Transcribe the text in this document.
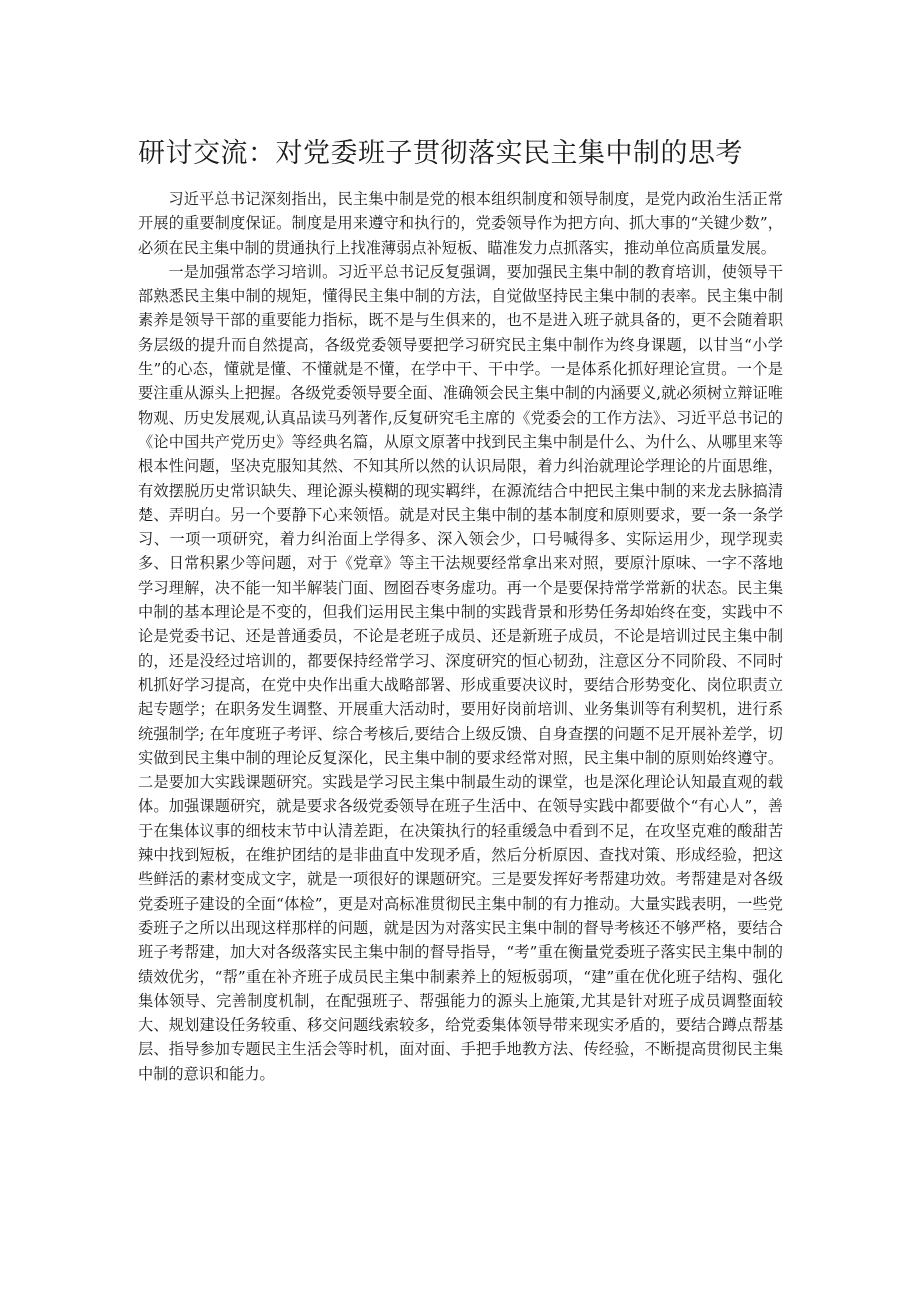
研讨交流：对党委班子贯彻落实民主集中制的思考

习近平总书记深刻指出，民主集中制是党的根本组织制度和领导制度，是党内政治生活正常开展的重要制度保证。制度是用来遵守和执行的，党委领导作为把方向、抓大事的“关键少数”，必须在民主集中制的贯通执行上找准薄弱点补短板、瞄准发力点抓落实，推动单位高质量发展。

一是加强常态学习培训。习近平总书记反复强调，要加强民主集中制的教育培训，使领导干部熟悉民主集中制的规矩，懂得民主集中制的方法，自觉做坚持民主集中制的表率。民主集中制素养是领导干部的重要能力指标，既不是与生俱来的，也不是进入班子就具备的，更不会随着职务层级的提升而自然提高，各级党委领导要把学习研究民主集中制作为终身课题，以甘当“小学生”的心态，懂就是懂、不懂就是不懂，在学中干、干中学。一是体系化抓好理论宣贯。一个是要注重从源头上把握。各级党委领导要全面、准确领会民主集中制的内涵要义,就必须树立辩证唯物观、历史发展观,认真品读马列著作,反复研究毛主席的《党委会的工作方法》、习近平总书记的《论中国共产党历史》等经典名篇，从原文原著中找到民主集中制是什么、为什么、从哪里来等根本性问题，坚决克服知其然、不知其所以然的认识局限，着力纠治就理论学理论的片面思维，有效摆脱历史常识缺失、理论源头模糊的现实羁绊，在源流结合中把民主集中制的来龙去脉搞清楚、弄明白。另一个要静下心来领悟。就是对民主集中制的基本制度和原则要求，要一条一条学习、一项一项研究，着力纠治面上学得多、深入领会少，口号喊得多、实际运用少，现学现卖多、日常积累少等问题，对于《党章》等主干法规要经常拿出来对照，要原汁原味、一字不落地学习理解，决不能一知半解装门面、囫囵吞枣务虚功。再一个是要保持常学常新的状态。民主集中制的基本理论是不变的，但我们运用民主集中制的实践背景和形势任务却始终在变，实践中不论是党委书记、还是普通委员，不论是老班子成员、还是新班子成员，不论是培训过民主集中制的，还是没经过培训的，都要保持经常学习、深度研究的恒心韧劲，注意区分不同阶段、不同时机抓好学习提高，在党中央作出重大战略部署、形成重要决议时，要结合形势变化、岗位职责立起专题学；在职务发生调整、开展重大活动时，要用好岗前培训、业务集训等有利契机，进行系统强制学; 在年度班子考评、综合考核后,要结合上级反馈、自身查摆的问题不足开展补差学，切实做到民主集中制的理论反复深化，民主集中制的要求经常对照，民主集中制的原则始终遵守。二是要加大实践课题研究。实践是学习民主集中制最生动的课堂，也是深化理论认知最直观的载体。加强课题研究，就是要求各级党委领导在班子生活中、在领导实践中都要做个“有心人”，善于在集体议事的细枝末节中认清差距，在决策执行的轻重缓急中看到不足，在攻坚克难的酸甜苦辣中找到短板，在维护团结的是非曲直中发现矛盾，然后分析原因、查找对策、形成经验，把这些鲜活的素材变成文字，就是一项很好的课题研究。三是要发挥好考帮建功效。考帮建是对各级党委班子建设的全面“体检”，更是对高标准贯彻民主集中制的有力推动。大量实践表明，一些党委班子之所以出现这样那样的问题，就是因为对落实民主集中制的督导考核还不够严格，要结合班子考帮建，加大对各级落实民主集中制的督导指导，“考”重在衡量党委班子落实民主集中制的绩效优劣，“帮”重在补齐班子成员民主集中制素养上的短板弱项，“建”重在优化班子结构、强化集体领导、完善制度机制，在配强班子、帮强能力的源头上施策,尤其是针对班子成员调整面较大、规划建设任务较重、移交问题线索较多，给党委集体领导带来现实矛盾的，要结合蹲点帮基层、指导参加专题民主生活会等时机，面对面、手把手地教方法、传经验，不断提高贯彻民主集中制的意识和能力。
